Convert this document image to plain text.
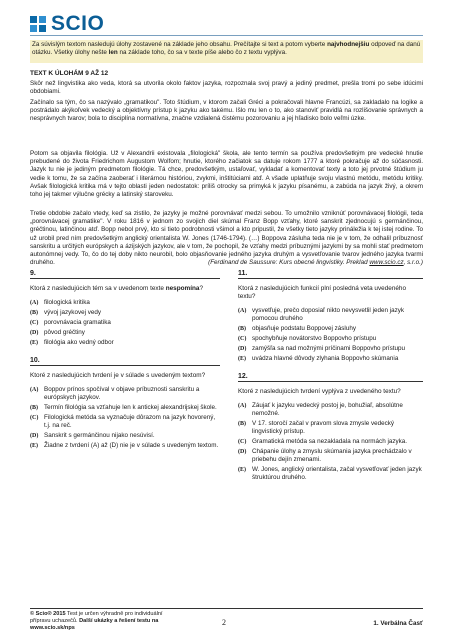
SCIO
Za súvislým textom nasledujú úlohy zostavené na základe jeho obsahu. Prečítajte si text a potom vyberte najvhodnejšiu odpoveď na danú otázku. Všetky úlohy nešte len na základe toho, čo sa v texte píše alebo čo z textu vyplýva.
TEXT K ÚLOHÁM 9 AŽ 12
Skôr než lingvistika ako veda, ktorá sa utvorila okolo faktov jazyka, rozpoznala svoj pravý a jediný predmet, prešla tromi po sebe idúcimi obdobiami.
Začínalo sa tým, čo sa nazývalo „gramatikou". Toto štúdium, v ktorom začali Gréci a pokračovali hlavne Francúzi, sa zakladalo na logike a postrádalo akýkoľvek vedecký a objektívny prístup k jazyku ako takému. Išlo mu len o to, ako stanoviť pravidlá na rozlišovanie správnych a nesprávnych tvarov; bola to disciplína normatívna, značne vzdialená čistému pozorovaniu a jej hľadisko bolo veľmi úzke.
Potom sa objavila filológia. Už v Alexandrii existovala „filologická" škola, ale tento termín sa používa predovšetkým pre vedecké hnutie prebudené do života Friedrichom Augustom Wolfom; hnutie, ktorého začiatok sa datuje rokom 1777 a ktoré pokračuje až do súčasnosti. Jazyk tu nie je jediným predmetom filológie. Tá chce, predovšetkým, ustaľovať, vykladať a komentovať texty a toto jej prvotné štúdium ju vedie k tomu, že sa začína zaoberať i literárnou históriou, zvykmi, inštitúciami atď. A všade uplatňuje svoju vlastnú metódu, metódu kritiky. Avšak filologická kritika má v tejto oblasti jeden nedostatok: príliš otrocky sa primyká k jazyku písanému, a zabúda na jazyk živý, a okrem toho jej takmer výlučne grécky a latinský staroveku.
Tretie obdobie začalo vtedy, keď sa zistilo, že jazyky je možné porovnávať medzi sebou. To umožnilo vzniknúť porovnávacej filológii, teda „porovnávacej gramatike". V roku 1816 v jednom zo svojich diel skúmal Franz Bopp vzťahy, ktoré sanskrit zjednocujú s germánčinou, gréčtinou, latinčinou atď. Bopp nebol prvý, kto si tieto podrobnosti všimol a kto pripustil, že všetky tieto jazyky prináležia k tej istej rodine. To už urobil pred ním predovšetkým anglický orientalista W. Jones (1746-1794). (…) Boppova zásluha teda nie je v tom, že odhalil príbuznosť sanskritu a určitých európskych a ázijských jazykov, ale v tom, že pochopil, že vzťahy medzi príbuznými jazykmi by sa mohli stať predmetom autonómnej vedy. To, čo do tej doby nikto neurobil, bolo objasňovanie jedného jazyka druhým a vysvetľovanie tvarov jedného jazyka tvarmi druhého.	(Ferdinand de Saussure: Kurs obecné lingvistiky. Preklad www.scio.cz, s.r.o.)
9.
Ktorá z nasledujúcich tém sa v uvedenom texte nespomína?
(A) filologická kritika
(B) vývoj jazykovej vedy
(C) porovnávacia gramatika
(D) pôvod gréčtiny
(E) filológia ako vedný odbor
10.
Ktoré z nasledujúcich tvrdení je v súlade s uvedeným textom?
(A) Boppov prínos spočíval v objave príbuznosti sanskritu a európskych jazykov.
(B) Termín filológia sa vzťahuje len k antickej alexandrijskej škole.
(C) Filologická metóda sa vyznačuje dôrazom na jazyk hovorený, t.j. na reč.
(D) Sanskrit s germánčinou nijako nesúvisí.
(E) Žiadne z tvrdení (A) až (D) nie je v súlade s uvedeným textom.
11.
Ktorá z nasledujúcich funkcií plní posledná veta uvedeného textu?
(A) vysvetľuje, prečo doposiaľ nikto nevysvetlil jeden jazyk pomocou druhého
(B) objasňuje podstatu Boppovej zásluhy
(C) spochybňuje novátorstvo Boppovho prístupu
(D) zamýšľa sa nad možnými príčinami Boppovho prístupu
(E) uvádza hlavné dôvody zlyhania Boppovho skúmania
12.
Ktoré z nasledujúcich tvrdení vyplýva z uvedeného textu?
(A) Záujať k jazyku vedecký postoj je, bohužiaľ, absolútne nemožné.
(B) V 17. storočí začal v pravom slova zmysle vedecký lingvistický prístup.
(C) Gramatická metóda sa nezakladala na normách jazyka.
(D) Chápanie úlohy a zmyslu skúmania jazyka prechádzalo v priebehu dejín zmenami.
(E) W. Jones, anglický orientalista, začal vysvetľovať jeden jazyk štruktúrou druhého.
© Scio® 2015 Test je určen výhradně pro individuální
přípravu uchazečů. Další ukázky a řešení testu na
www.scio.sk/nps
2	1. Verbálna Časť
